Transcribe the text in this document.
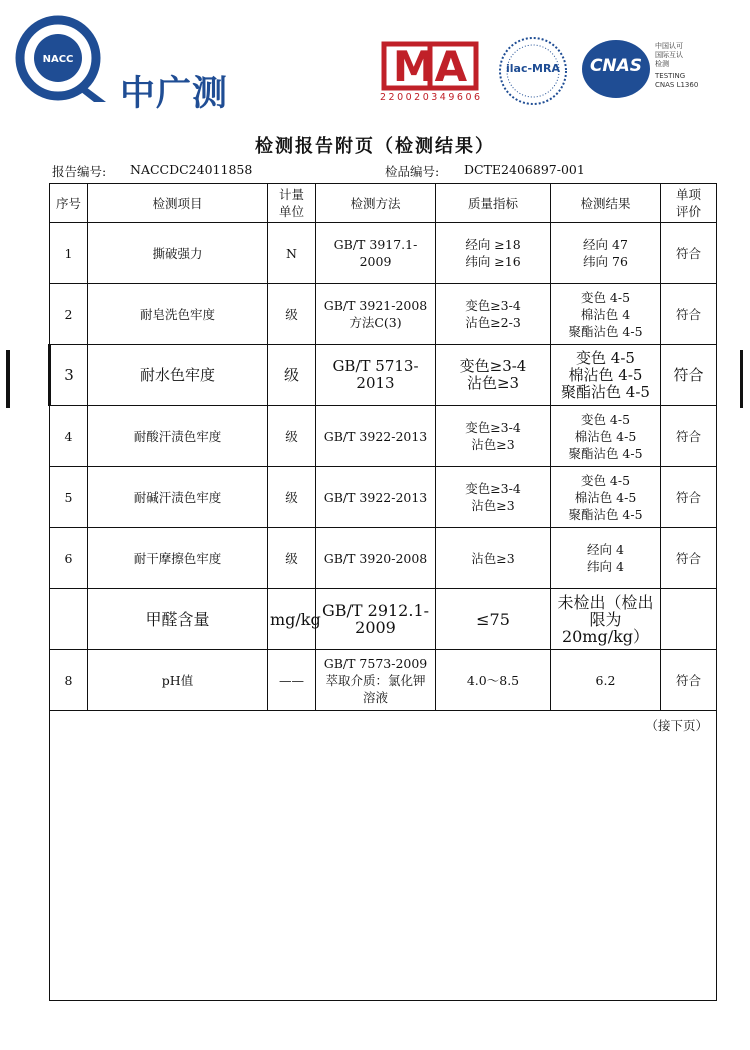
NACC
中广测
MA
220020349606
ilac-MRA	CNAS
中国认可
国际互认
检测
TESTING
CNAS L1360
检测报告附页（检测结果）
报告编号: NACCDC24011858	检品编号: DCTE2406897-001
序号	检测项目	计量
单位	检测方法	质量指标	检测结果	单项
评价

1	撕破强力	N	GB/T 3917.1-2009	经向 ≥18
纬向 ≥16	经向 47
纬向 76	符合
2	耐皂洗色牢度	级	GB/T 3921-2008
方法C(3)	变色≥3-4
沾色≥2-3	变色 4-5
棉沾色 4
聚酯沾色 4-5	符合
3	耐水色牢度	级	GB/T 5713-2013	变色≥3-4
沾色≥3	变色 4-5
棉沾色 4-5
聚酯沾色 4-5	符合
4	耐酸汗渍色牢度	级	GB/T 3922-2013	变色≥3-4
沾色≥3	变色 4-5
棉沾色 4-5
聚酯沾色 4-5	符合
5	耐碱汗渍色牢度	级	GB/T 3922-2013	变色≥3-4
沾色≥3	变色 4-5
棉沾色 4-5
聚酯沾色 4-5	符合
6	耐干摩擦色牢度	级	GB/T 3920-2008	沾色≥3	经向 4
纬向 4	符合
	甲醛含量	mg/kg	GB/T 2912.1-2009	≤75	未检出（检出限为
20mg/kg）	

8	pH值	——	GB/T 7573-2009
萃取介质：氯化钾
溶液	4.0～8.5	6.2	符合
（接下页）						
